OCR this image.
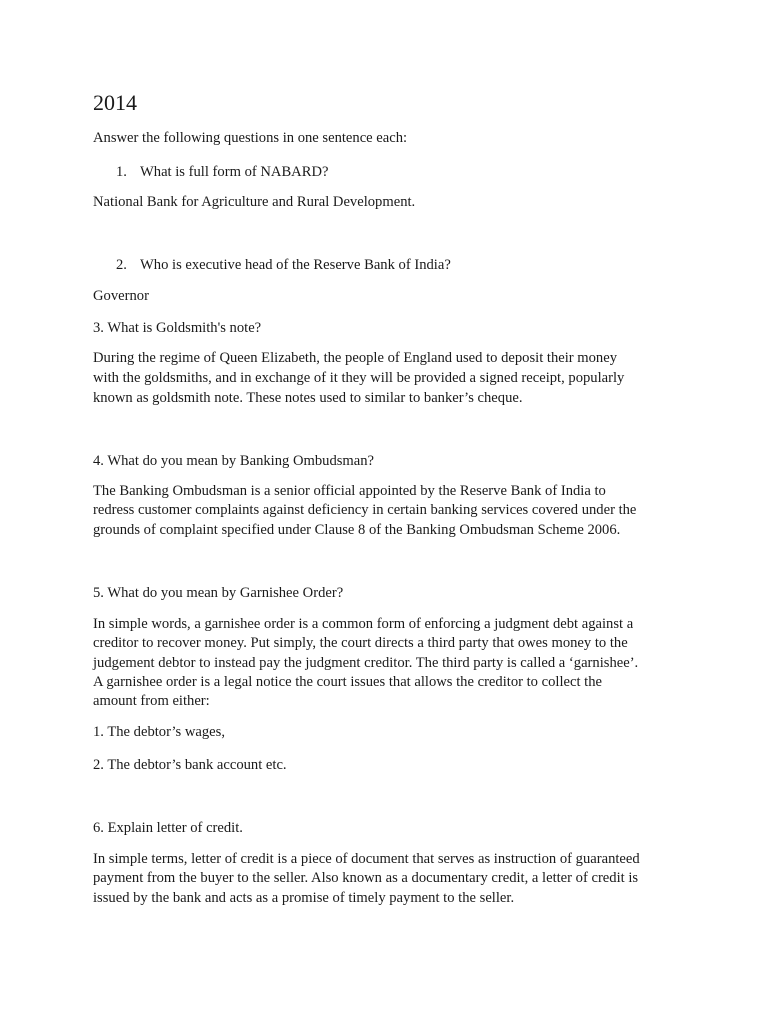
2014

Answer the following questions in one sentence each:

1. What is full form of NABARD?

National Bank for Agriculture and Rural Development.

2. Who is executive head of the Reserve Bank of India?

Governor

3. What is Goldsmith's note?

During the regime of Queen Elizabeth, the people of England used to deposit their money

with the goldsmiths, and in exchange of it they will be provided a signed receipt, popularly

known as goldsmith note. These notes used to similar to banker’s cheque.

4. What do you mean by Banking Ombudsman?

The Banking Ombudsman is a senior official appointed by the Reserve Bank of India to

redress customer complaints against deficiency in certain banking services covered under the

grounds of complaint specified under Clause 8 of the Banking Ombudsman Scheme 2006.

5. What do you mean by Garnishee Order?

In simple words, a garnishee order is a common form of enforcing a judgment debt against a

creditor to recover money. Put simply, the court directs a third party that owes money to the

judgement debtor to instead pay the judgment creditor. The third party is called a ‘garnishee’.

A garnishee order is a legal notice the court issues that allows the creditor to collect the

amount from either:

1. The debtor’s wages,

2. The debtor’s bank account etc.

6. Explain letter of credit.

In simple terms, letter of credit is a piece of document that serves as instruction of guaranteed

payment from the buyer to the seller. Also known as a documentary credit, a letter of credit is

issued by the bank and acts as a promise of timely payment to the seller.
